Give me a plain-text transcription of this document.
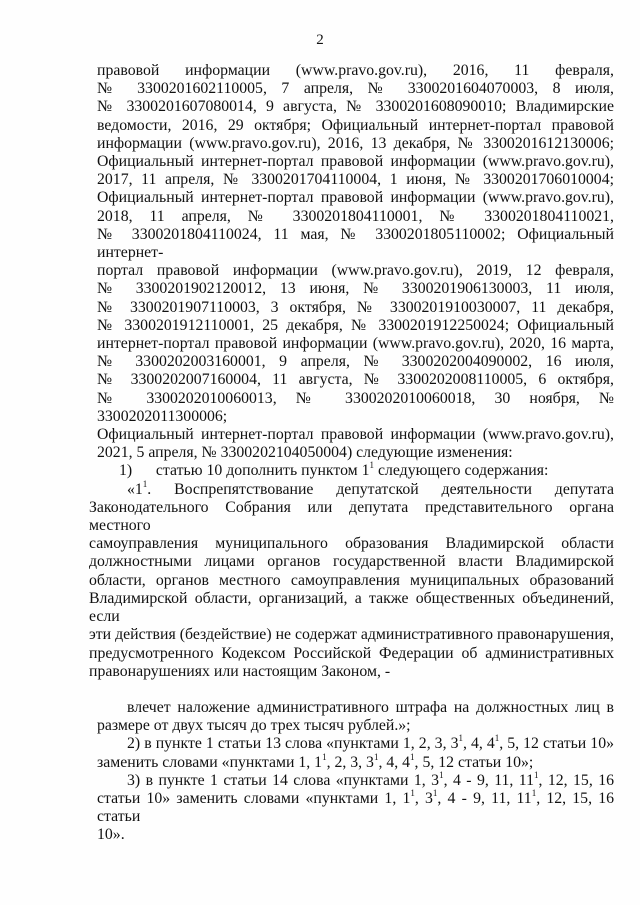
2

правовой информации (www.pravo.gov.ru), 2016, 11 февраля,

№ 3300201602110005, 7 апреля, № 3300201604070003, 8 июля,

№ 3300201607080014, 9 августа, № 3300201608090010; Владимирские

ведомости, 2016, 29 октября; Официальный интернет-портал правовой

информации (www.pravo.gov.ru), 2016, 13 декабря, № 3300201612130006;

Официальный интернет-портал правовой информации (www.pravo.gov.ru),

2017, 11 апреля, № 3300201704110004, 1 июня, № 3300201706010004;

Официальный интернет-портал правовой информации (www.pravo.gov.ru),

2018, 11 апреля, № 3300201804110001, № 3300201804110021,

№ 3300201804110024, 11 мая, № 3300201805110002; Официальный интернет-

портал правовой информации (www.pravo.gov.ru), 2019, 12 февраля,

№ 3300201902120012, 13 июня, № 3300201906130003, 11 июля,

№ 3300201907110003, 3 октября, № 3300201910030007, 11 декабря,

№ 3300201912110001, 25 декабря, № 3300201912250024; Официальный

интернет-портал правовой информации (www.pravo.gov.ru), 2020, 16 марта,

№ 3300202003160001, 9 апреля, № 3300202004090002, 16 июля,

№ 3300202007160004, 11 августа, № 3300202008110005, 6 октября,

№ 3300202010060013, № 3300202010060018, 30 ноября, № 3300202011300006;

Официальный интернет-портал правовой информации (www.pravo.gov.ru),

2021, 5 апреля, № 3300202104050004) следующие изменения:

1) статью 10 дополнить пунктом $1^1$ следующего содержания:

«$1^1$. Воспрепятствование депутатской деятельности депутата

Законодательного Собрания или депутата представительного органа местного

самоуправления муниципального образования Владимирской области

должностными лицами органов государственной власти Владимирской

области, органов местного самоуправления муниципальных образований

Владимирской области, организаций, а также общественных объединений, если

эти действия (бездействие) не содержат административного правонарушения,

предусмотренного Кодексом Российской Федерации об административных

правонарушениях или настоящим Законом, -

влечет наложение административного штрафа на должностных лиц в

размере от двух тысяч до трех тысяч рублей.»;

2) в пункте 1 статьи 13 слова «пунктами 1, 2, 3, $3^1$, 4, $4^1$, 5, 12 статьи 10»

заменить словами «пунктами 1, $1^1$, 2, 3, $3^1$, 4, $4^1$, 5, 12 статьи 10»;

3) в пункте 1 статьи 14 слова «пунктами 1, $3^1$, 4 - 9, 11, $11^1$, 12, 15, 16

статьи 10» заменить словами «пунктами 1, $1^1$, $3^1$, 4 - 9, 11, $11^1$, 12, 15, 16 статьи

10».
